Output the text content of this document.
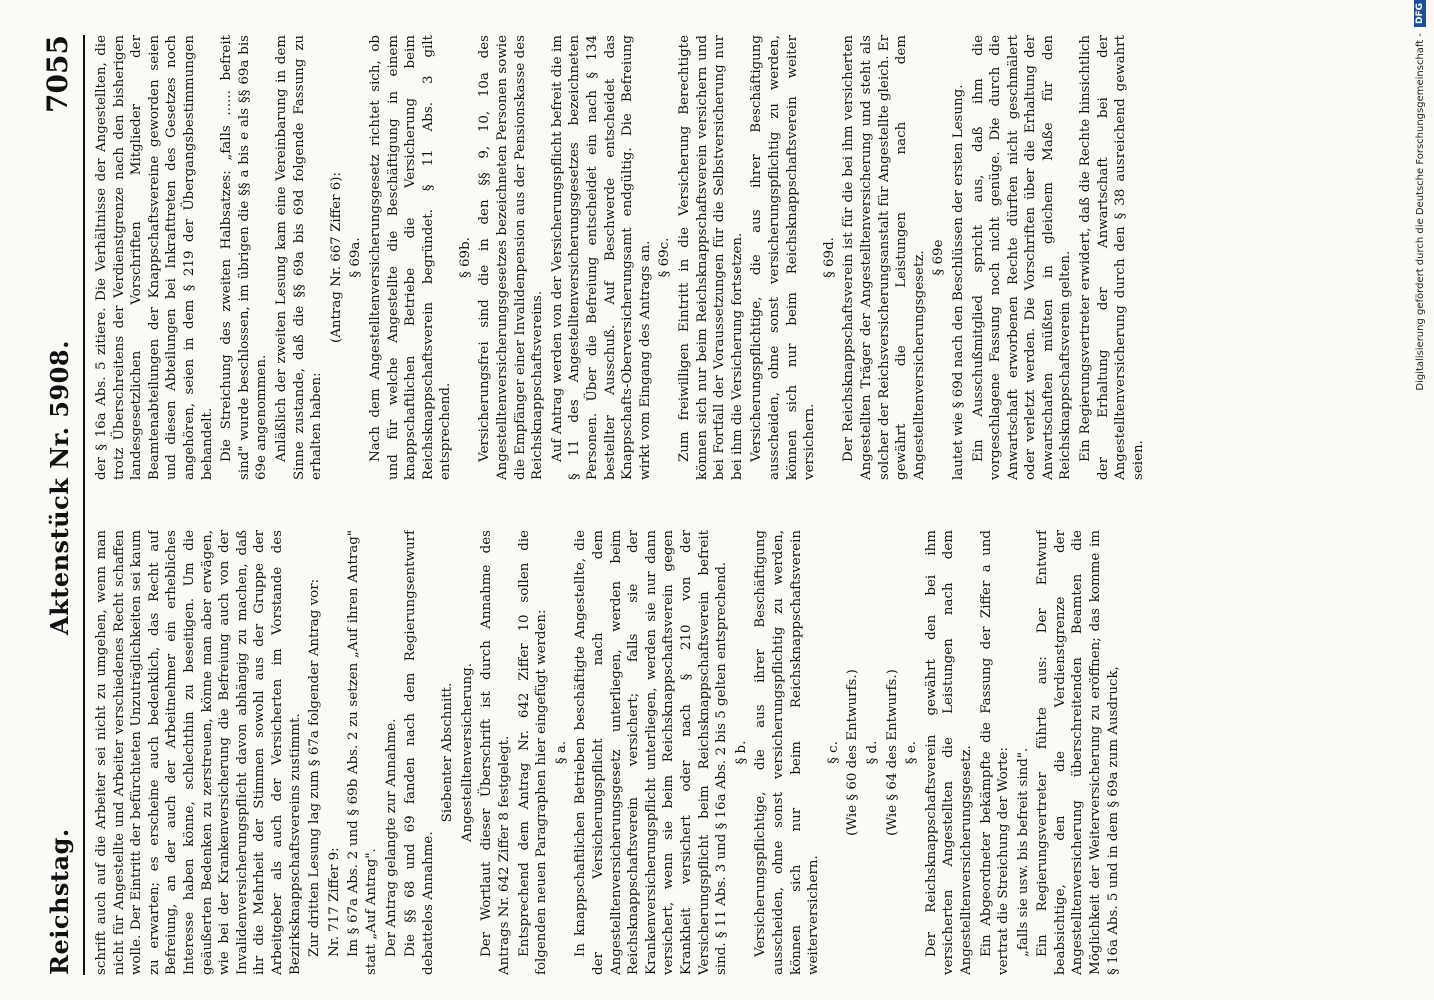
Reichstag.
Aktenstück Nr. 5908.
7055

schrift auch auf die Arbeiter sei nicht zu umgehen, wenn man nicht für Angestellte und Arbeiter verschiedenes Recht schaffen wolle. Der Eintritt der befürchteten Unzuträglichkeiten sei kaum zu erwarten; es erscheine auch bedenklich, das Recht auf Befreiung, an der auch der Arbeitnehmer ein erhebliches Interesse haben könne, schlechthin zu beseitigen. Um die geäußerten Bedenken zu zerstreuen, könne man aber erwägen, wie bei der Krankenversicherung die Befreiung auch von der Invalidenversicherungspflicht davon abhängig zu machen, daß ihr die Mehrheit der Stimmen sowohl aus der Gruppe der Arbeitgeber als auch der Versicherten im Vorstande des Bezirksknappschaftsvereins zustimmt. Zur dritten Lesung lag zum § 67a folgender Antrag vor: Nr. 717 Ziffer 9: Im § 67a Abs. 2 und § 69b Abs. 2 zu setzen „Auf ihren Antrag" statt „Auf Antrag". Der Antrag gelangte zur Annahme. Die §§ 68 und 69 fanden nach dem Regierungsentwurf debattelos Annahme.

Siebenter Abschnitt. Angestelltenversicherung. Der Wortlaut dieser Überschrift ist durch Annahme des Antrags Nr. 642 Ziffer 8 festgelegt. Entsprechend dem Antrag Nr. 642 Ziffer 10 sollen die folgenden neuen Paragraphen hier eingefügt werden: § a. In knappschaftlichen Betrieben beschäftigte Angestellte, die der Versicherungspflicht nach dem Angestelltenversicherungsgesetz unterliegen, werden beim Reichsknappschaftsverein versichert; falls sie der Krankenversicherungspflicht unterliegen, werden sie nur dann versichert, wenn sie beim Reichsknappschaftsverein gegen Krankheit versichert oder nach § 210 von der Versicherungspflicht beim Reichsknappschaftsverein befreit sind. § 11 Abs. 3 und § 16a Abs. 2 bis 5 gelten entsprechend. § b. Versicherungspflichtige, die aus ihrer Beschäftigung ausscheiden, ohne sonst versicherungspflichtig zu werden, können sich nur beim Reichsknappschaftsverein weiterversichern.

§ c. (Wie § 60 des Entwurfs.) § d. (Wie § 64 des Entwurfs.) § e. Der Reichsknappschaftsverein gewährt den bei ihm versicherten Angestellten die Leistungen nach dem Angestelltenversicherungsgesetz. Ein Abgeordneter bekämpfte die Fassung der Ziffer a und vertrat die Streichung der Worte: „falls sie usw. bis befreit sind". Ein Regierungsvertreter führte aus: Der Entwurf beabsichtige, den die Verdienstgrenze der Angestelltenversicherung überschreitenden Beamten die Möglichkeit der Weiterversicherung zu eröffnen; das komme im § 16a Abs. 5 und in dem § 69a zum Ausdruck,

der § 16a Abs. 5 zitiere. Die Verhältnisse der Angestellten, die trotz Überschreitens der Verdienstgrenze nach den bisherigen landesgesetzlichen Vorschriften Mitglieder der Beamtenabteilungen der Knappschaftsvereine geworden seien und diesen Abteilungen bei Inkrafttreten des Gesetzes noch angehören, seien in dem § 219 der Übergangsbestimmungen behandelt. Die Streichung des zweiten Halbsatzes: „falls ...... befreit sind" wurde beschlossen, im übrigen die §§ a bis e als §§ 69a bis 69e angenommen. Anläßlich der zweiten Lesung kam eine Vereinbarung in dem Sinne zustande, daß die §§ 69a bis 69d folgende Fassung zu erhalten haben:

(Antrag Nr. 667 Ziffer 6): § 69a. Nach dem Angestelltenversicherungsgesetz richtet sich, ob und für welche Angestellte die Beschäftigung in einem knappschaftlichen Betriebe die Versicherung beim Reichsknappschaftsverein begründet. § 11 Abs. 3 gilt entsprechend.

§ 69b. Versicherungsfrei sind die in den §§ 9, 10, 10a des Angestelltenversicherungsgesetzes bezeichneten Personen sowie die Empfänger einer Invalidenpension aus der Pensionskasse des Reichsknappschaftsvereins. Auf Antrag werden von der Versicherungspflicht befreit die im § 11 des Angestelltenversicherungsgesetzes bezeichneten Personen. Über die Befreiung entscheidet ein nach § 134 bestellter Ausschuß. Auf Beschwerde entscheidet das Knappschafts-Oberversicherungsamt endgültig. Die Befreiung wirkt vom Eingang des Antrags an. § 69c. Zum freiwilligen Eintritt in die Versicherung Berechtigte können sich nur beim Reichsknappschaftsverein versichern und bei Fortfall der Voraussetzungen für die Selbstversicherung nur bei ihm die Versicherung fortsetzen. Versicherungspflichtige, die aus ihrer Beschäftigung ausscheiden, ohne sonst versicherungspflichtig zu werden, können sich nur beim Reichsknappschaftsverein weiter versichern.

§ 69d. Der Reichsknappschaftsverein ist für die bei ihm versicherten Angestellten Träger der Angestelltenversicherung und steht als solcher der Reichsversicherungsanstalt für Angestellte gleich. Er gewährt die Leistungen nach dem Angestelltenversicherungsgesetz. § 69e lautet wie § 69d nach den Beschlüssen der ersten Lesung. Ein Ausschußmitglied spricht aus, daß ihm die vorgeschlagene Fassung noch nicht genüge. Die durch die Anwartschaft erworbenen Rechte dürften nicht geschmälert oder verletzt werden. Die Vorschriften über die Erhaltung der Anwartschaften müßten in gleichem Maße für den Reichsknappschaftsverein gelten. Ein Regierungsvertreter erwidert, daß die Rechte hinsichtlich der Erhaltung der Anwartschaft bei der Angestelltenversicherung durch den § 38 ausreichend gewahrt seien.

Digitalisierung gefördert durch die Deutsche Forschungsgemeinschaft -
DFG
